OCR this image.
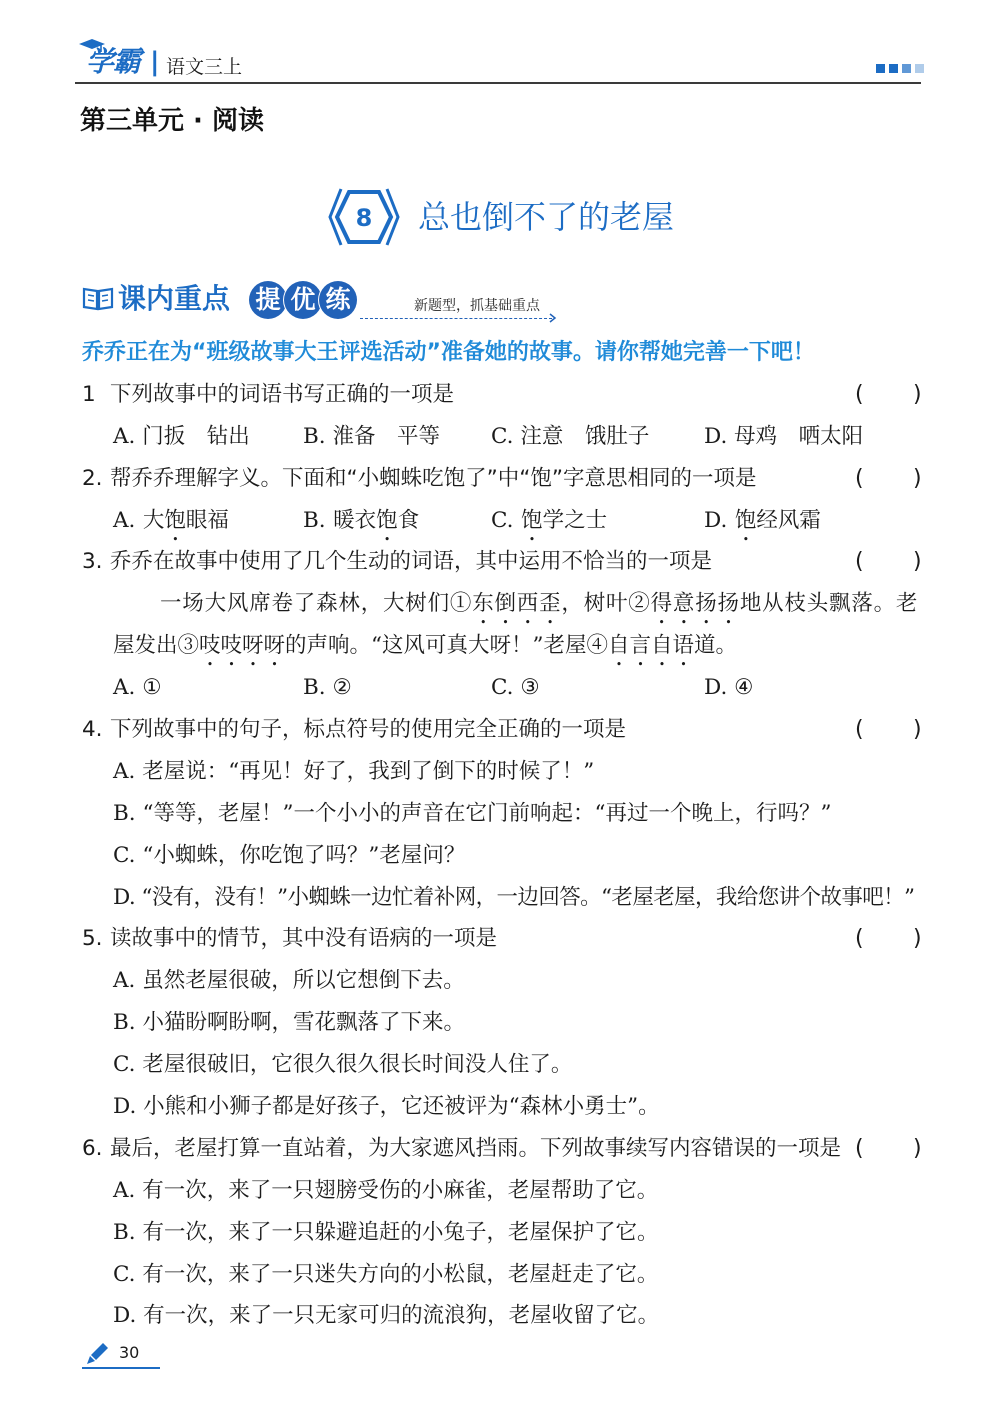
学霸 | 语文三上
第三单元 · 阅读
8 总也倒不了的老屋
课内重点 提 优 练	新题型，抓基础重点
乔乔正在为“班级故事大王评选活动”准备她的故事。请你帮她完善一下吧！
1 下列故事中的词语书写正确的一项是	( )
A. 门扳　钻出 B. 淮备　平等 C. 注意　饿肚子	D. 母鸡　哂太阳
2. 帮乔乔理解字义。下面和“小蜘蛛吃饱了”中“饱”字意思相同的一项是	( )
A. 大饱眼福	B. 暖衣饱食	C. 饱学之士	D. 饱经风霜
3. 乔乔在故事中使用了几个生动的词语，其中运用不恰当的一项是	( )
一场大风席卷了森林，大树们①东倒西歪，树叶②得意扬扬地从枝头飘落。老
屋发出③吱吱呀呀的声响。“这风可真大呀！”老屋④自言自语道。
A. ①	B. ②	C. ③	D. ④
4. 下列故事中的句子，标点符号的使用完全正确的一项是	( )
A. 老屋说：“再见！好了，我到了倒下的时候了！”
B. “等等，老屋！”一个小小的声音在它门前响起：“再过一个晚上，行吗？”
C. “小蜘蛛，你吃饱了吗？”老屋问？
D. “没有，没有！”小蜘蛛一边忙着补网，一边回答。“老屋老屋，我给您讲个故事吧！”
5. 读故事中的情节，其中没有语病的一项是	( )
A. 虽然老屋很破，所以它想倒下去。
B. 小猫盼啊盼啊，雪花飘落了下来。
C. 老屋很破旧，它很久很久很长时间没人住了。
D. 小熊和小狮子都是好孩子，它还被评为“森林小勇士”。
6. 最后，老屋打算一直站着，为大家遮风挡雨。下列故事续写内容错误的一项是 ( )
A. 有一次，来了一只翅膀受伤的小麻雀，老屋帮助了它。
B. 有一次，来了一只躲避追赶的小兔子，老屋保护了它。
C. 有一次，来了一只迷失方向的小松鼠，老屋赶走了它。
D. 有一次，来了一只无家可归的流浪狗，老屋收留了它。
30
